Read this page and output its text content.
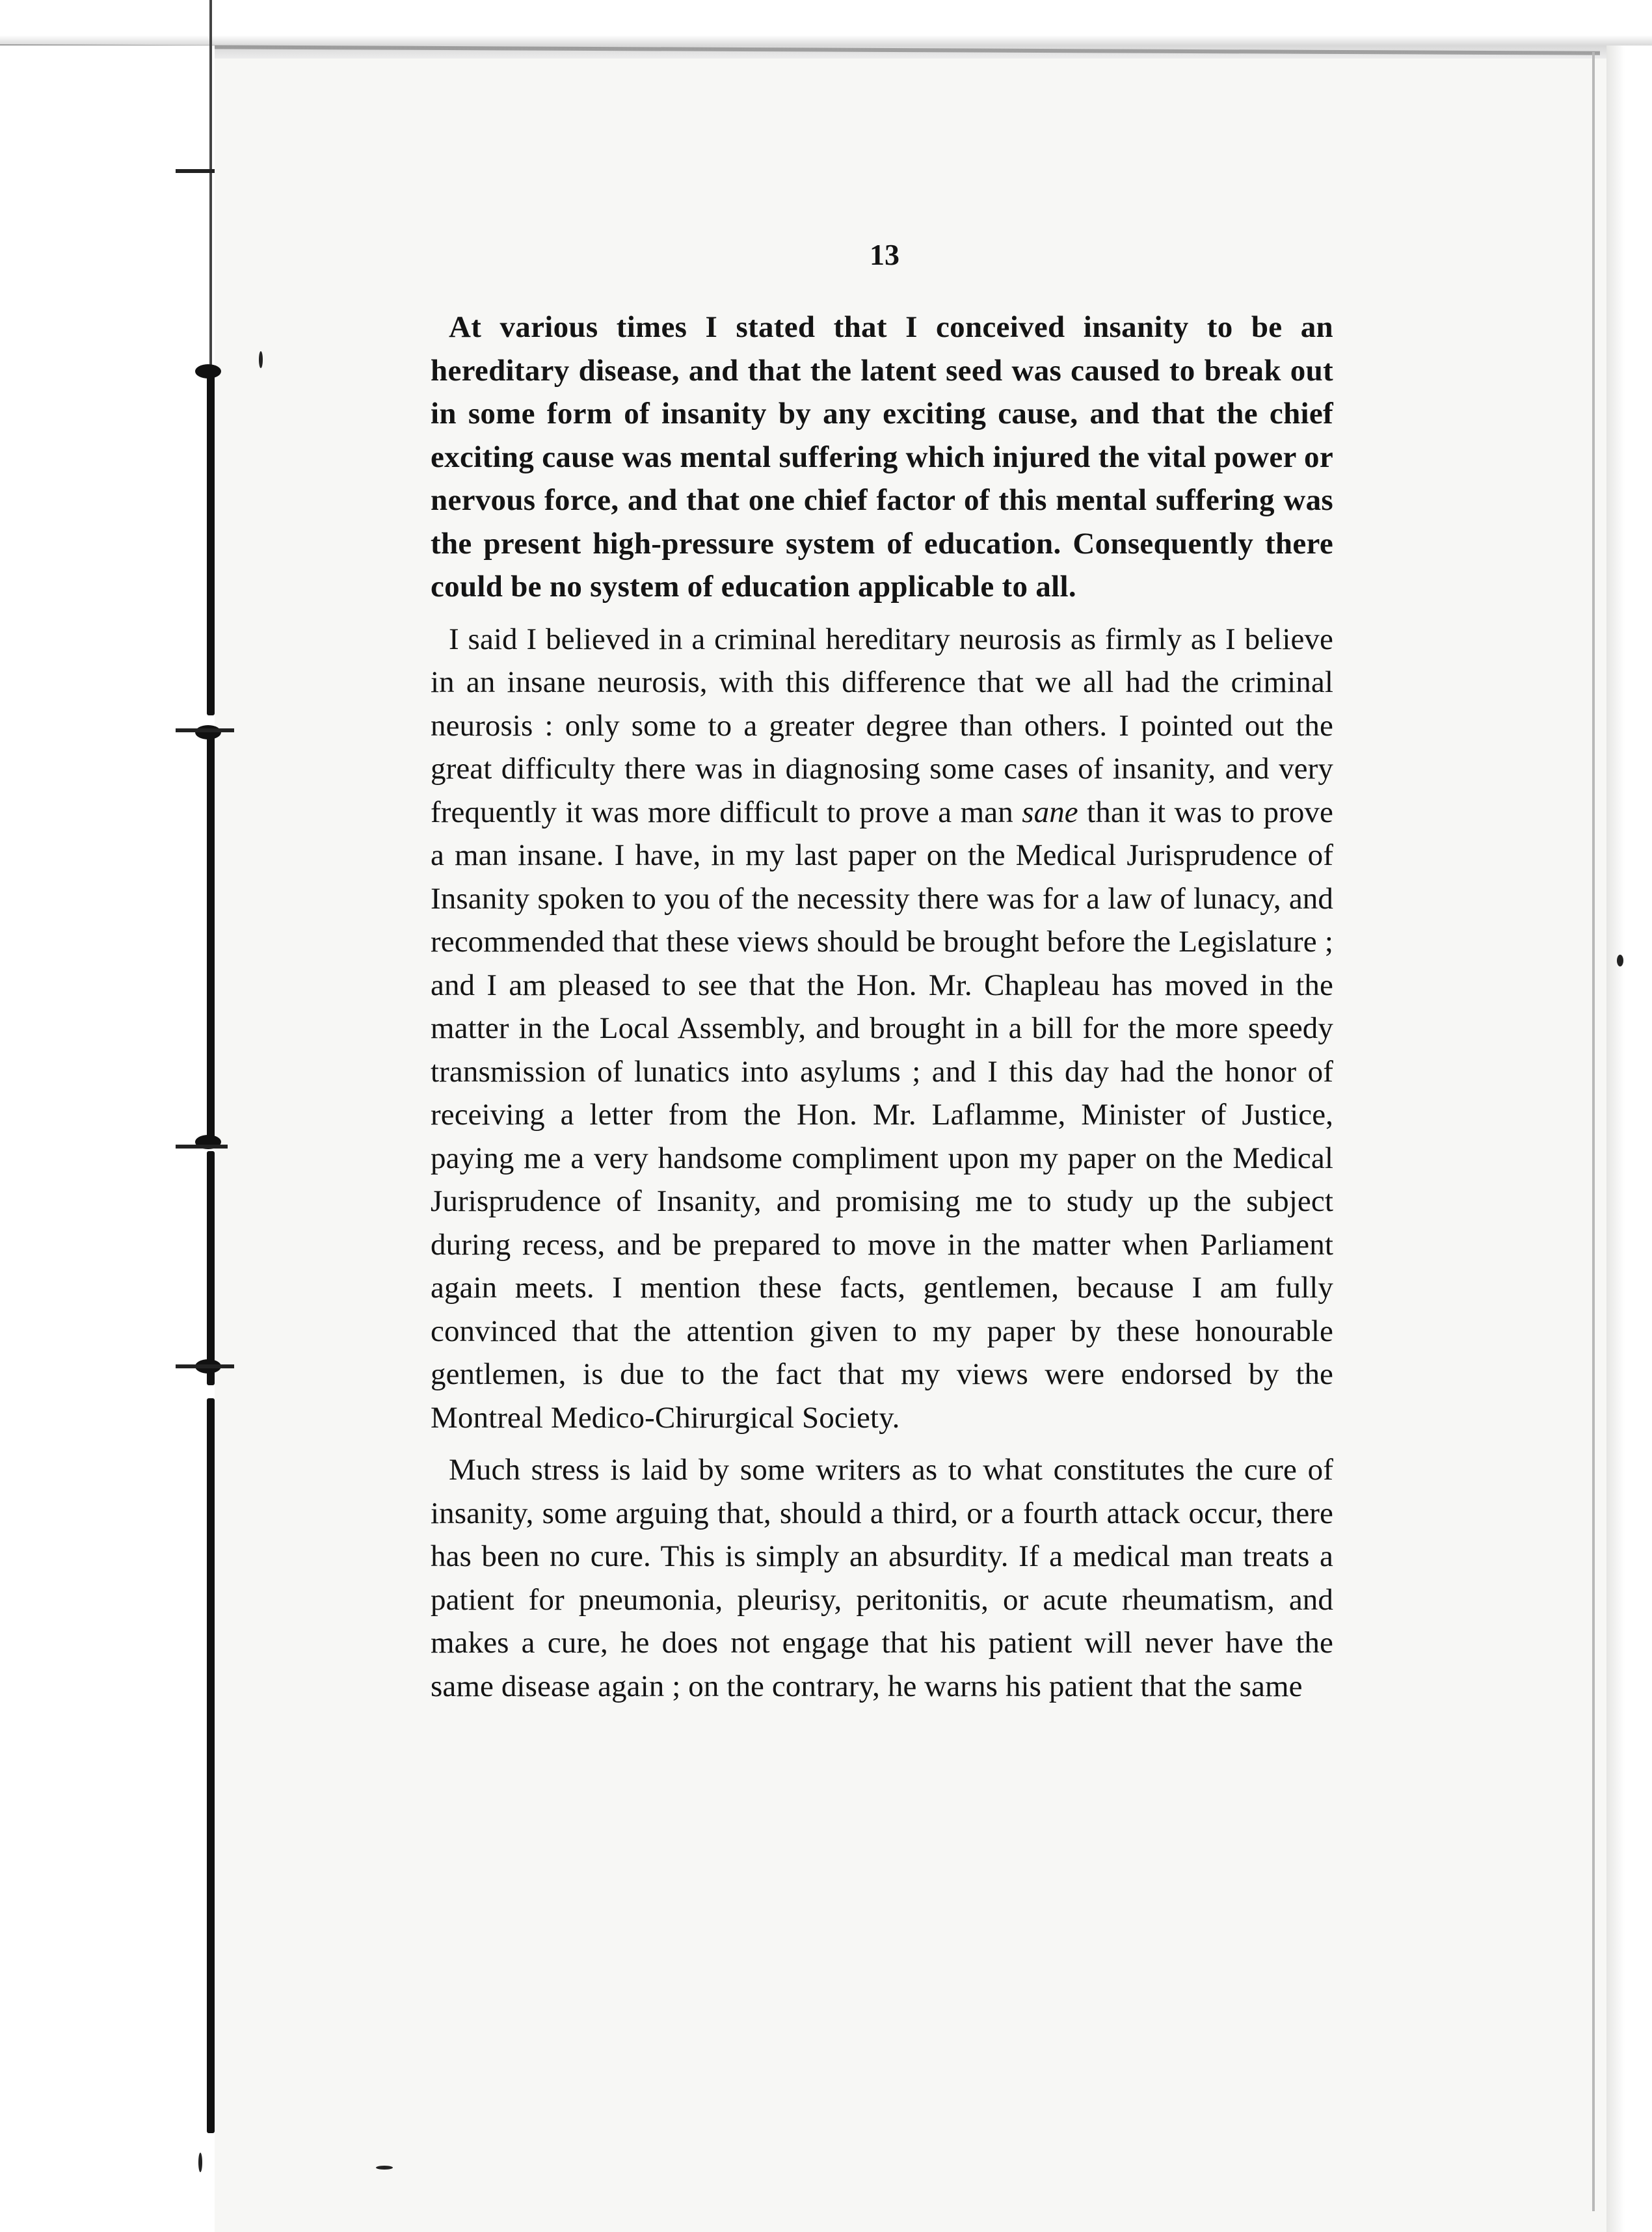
13

At various times I stated that I conceived insanity to be an hereditary disease, and that the latent seed was caused to break out in some form of insanity by any exciting cause, and that the chief exciting cause was mental suffering which injured the vital power or nervous force, and that one chief factor of this mental suffering was the present high-pressure system of education. Consequently there could be no system of education applicable to all.

I said I believed in a criminal hereditary neurosis as firmly as I believe in an insane neurosis, with this difference that we all had the criminal neurosis : only some to a greater degree than others. I pointed out the great difficulty there was in diagnosing some cases of insanity, and very frequently it was more difficult to prove a man sane than it was to prove a man insane. I have, in my last paper on the Medical Jurisprudence of Insanity spoken to you of the necessity there was for a law of lunacy, and recommended that these views should be brought before the Legislature ; and I am pleased to see that the Hon. Mr. Chapleau has moved in the matter in the Local Assembly, and brought in a bill for the more speedy transmission of lunatics into asylums ; and I this day had the honor of receiving a letter from the Hon. Mr. Laflamme, Minister of Justice, paying me a very handsome compliment upon my paper on the Medical Jurisprudence of Insanity, and promising me to study up the subject during recess, and be prepared to move in the matter when Parliament again meets. I mention these facts, gentlemen, because I am fully convinced that the attention given to my paper by these honourable gentlemen, is due to the fact that my views were endorsed by the Montreal Medico-Chirurgical Society.

Much stress is laid by some writers as to what constitutes the cure of insanity, some arguing that, should a third, or a fourth attack occur, there has been no cure. This is simply an absurdity. If a medical man treats a patient for pneumonia, pleurisy, peritonitis, or acute rheumatism, and makes a cure, he does not engage that his patient will never have the same disease again ; on the contrary, he warns his patient that the same
